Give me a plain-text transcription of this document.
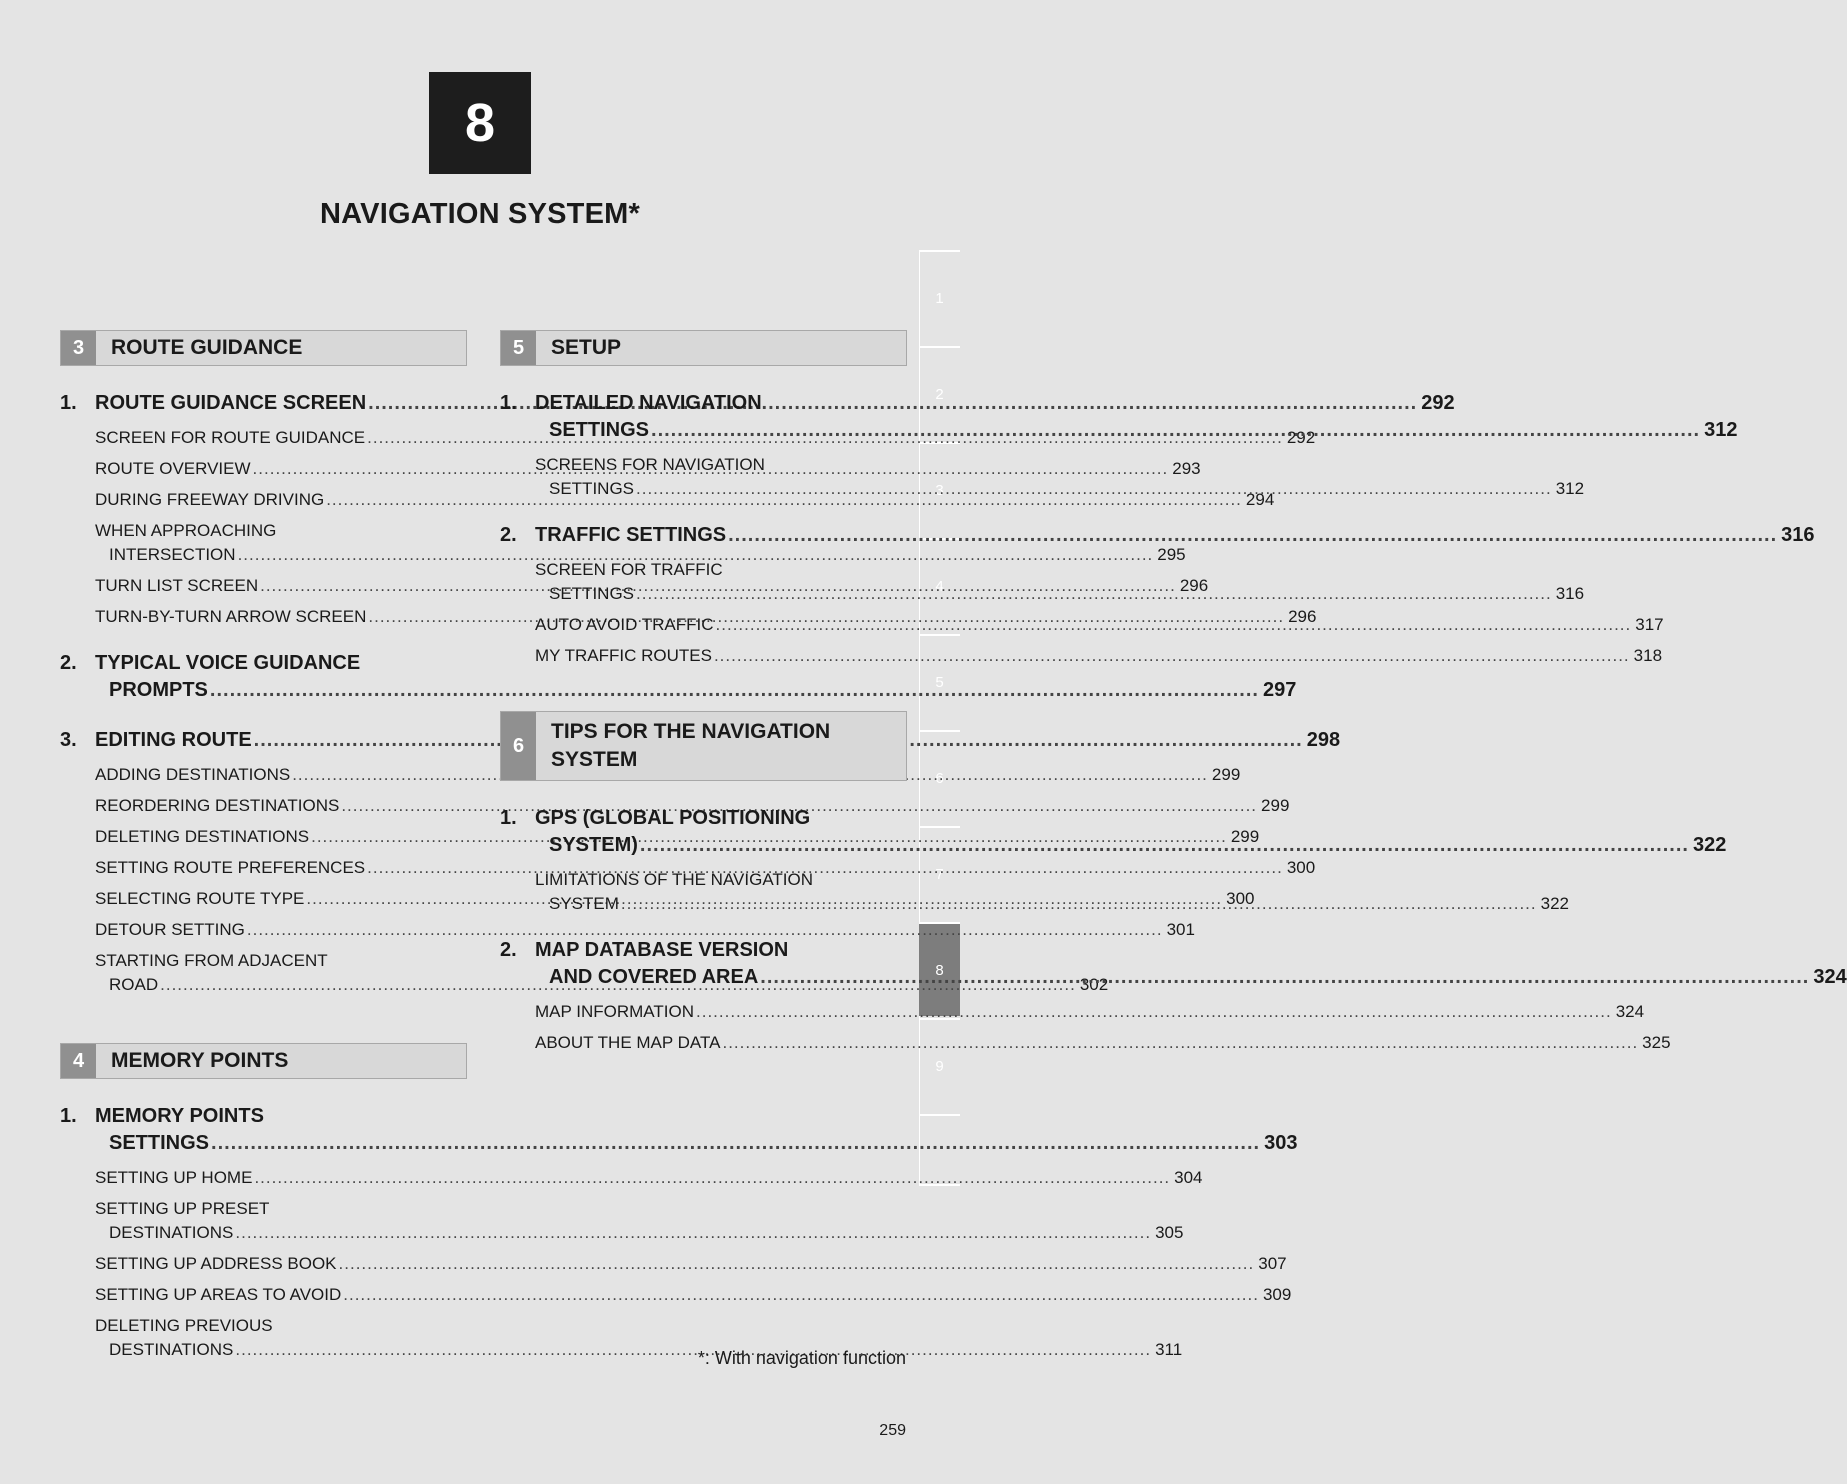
8
NAVIGATION SYSTEM*
1
2
3
4
5
6
7
8
9
3	ROUTE GUIDANCE
1. ROUTE GUIDANCE SCREEN .....	292
SCREEN FOR ROUTE GUIDANCE .....	292
ROUTE OVERVIEW .....	293
DURING FREEWAY DRIVING .....	294
WHEN APPROACHING
INTERSECTION .....	295
TURN LIST SCREEN .....	296
TURN-BY-TURN ARROW SCREEN .....	296
2. TYPICAL VOICE GUIDANCE
PROMPTS .....	297
3. EDITING ROUTE .....	298
ADDING DESTINATIONS .....	299
REORDERING DESTINATIONS .....	299
DELETING DESTINATIONS .....	299
SETTING ROUTE PREFERENCES .....	300
SELECTING ROUTE TYPE .....	300
DETOUR SETTING .....	301
STARTING FROM ADJACENT
ROAD .....	302
4	MEMORY POINTS
1. MEMORY POINTS
SETTINGS .....	303
SETTING UP HOME .....	304
SETTING UP PRESET
DESTINATIONS .....	305
SETTING UP ADDRESS BOOK .....	307
SETTING UP AREAS TO AVOID .....	309
DELETING PREVIOUS
DESTINATIONS .....	311
5	SETUP
1. DETAILED NAVIGATION
SETTINGS .....	312
SCREENS FOR NAVIGATION
SETTINGS .....	312
2. TRAFFIC SETTINGS .....	316
SCREEN FOR TRAFFIC
SETTINGS .....	316
AUTO AVOID TRAFFIC .....	317
MY TRAFFIC ROUTES .....	318
6
TIPS FOR THE NAVIGATION SYSTEM
1. GPS (GLOBAL POSITIONING
SYSTEM) .....	322
LIMITATIONS OF THE NAVIGATION
SYSTEM .....	322
2. MAP DATABASE VERSION
AND COVERED AREA .....	324
MAP INFORMATION .....	324
ABOUT THE MAP DATA .....	325
*: With navigation function
259
